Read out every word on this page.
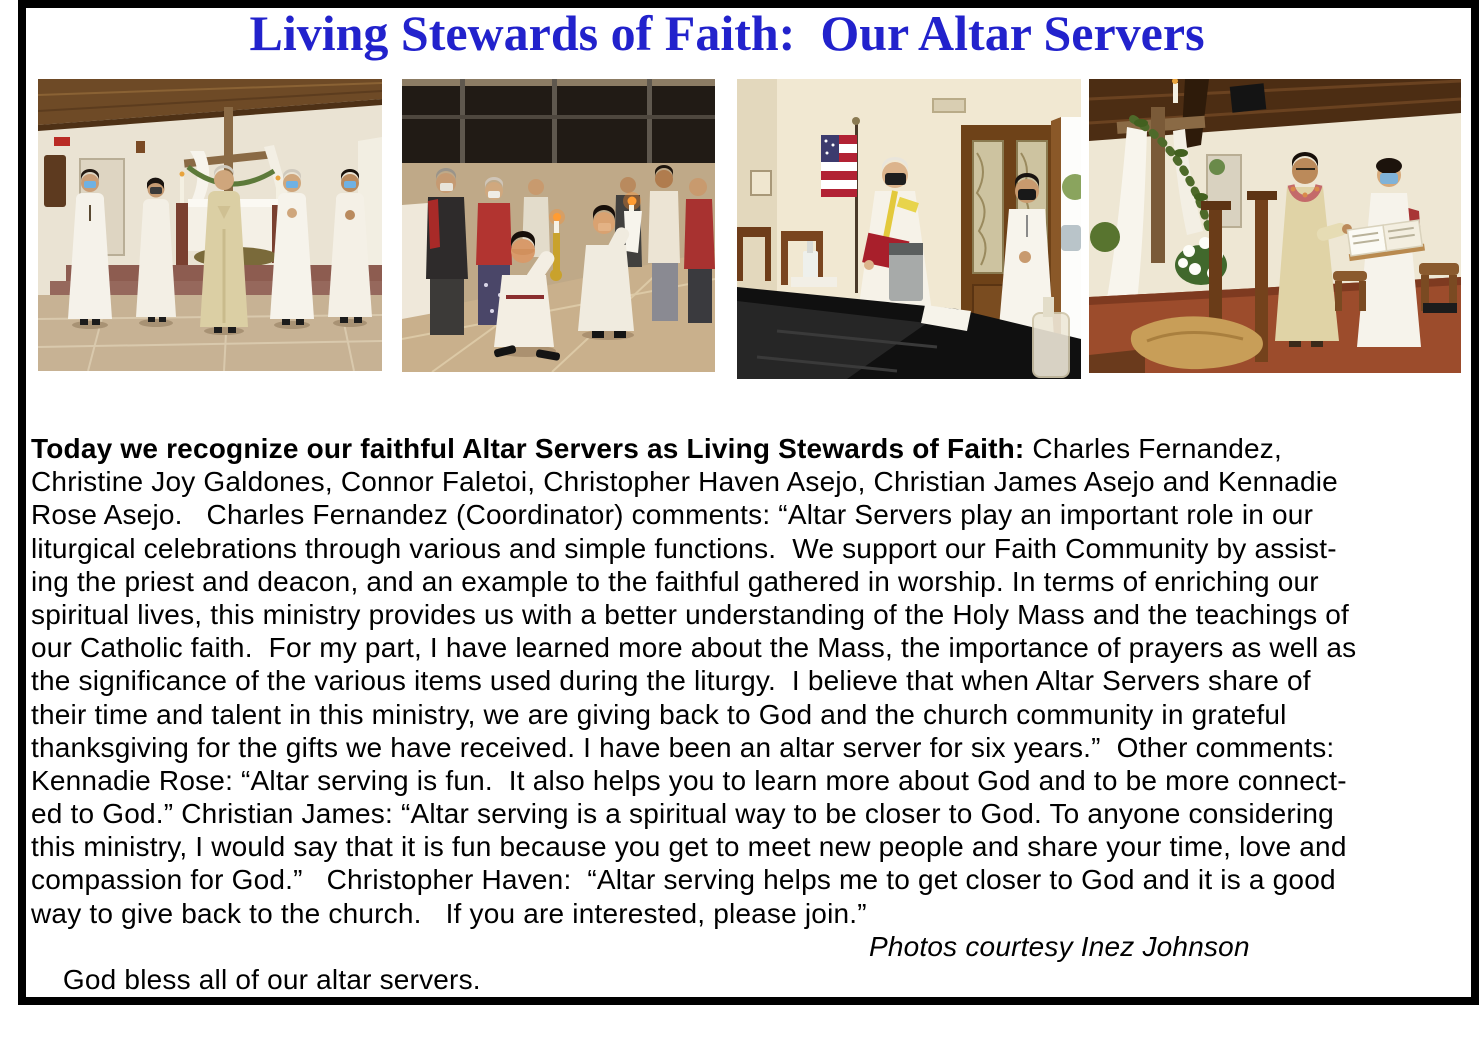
Living Stewards of Faith:  Our Altar Servers
Today we recognize our faithful Altar Servers as Living Stewards of Faith: Charles Fernandez,
Christine Joy Galdones, Connor Faletoi, Christopher Haven Asejo, Christian James Asejo and Kennadie
Rose Asejo.   Charles Fernandez (Coordinator) comments: “Altar Servers play an important role in our
liturgical celebrations through various and simple functions.  We support our Faith Community by assist-
ing the priest and deacon, and an example to the faithful gathered in worship. In terms of enriching our
spiritual lives, this ministry provides us with a better understanding of the Holy Mass and the teachings of
our Catholic faith.  For my part, I have learned more about the Mass, the importance of prayers as well as
the significance of the various items used during the liturgy.  I believe that when Altar Servers share of
their time and talent in this ministry, we are giving back to God and the church community in grateful
thanksgiving for the gifts we have received. I have been an altar server for six years.”  Other comments:
Kennadie Rose: “Altar serving is fun.  It also helps you to learn more about God and to be more connect-
ed to God.” Christian James: “Altar serving is a spiritual way to be closer to God. To anyone considering
this ministry, I would say that it is fun because you get to meet new people and share your time, love and
compassion for God.”   Christopher Haven:  “Altar serving helps me to get closer to God and it is a good
way to give back to the church.   If you are interested, please join.”

God bless all of our altar servers.

Photos courtesy Inez Johnson
